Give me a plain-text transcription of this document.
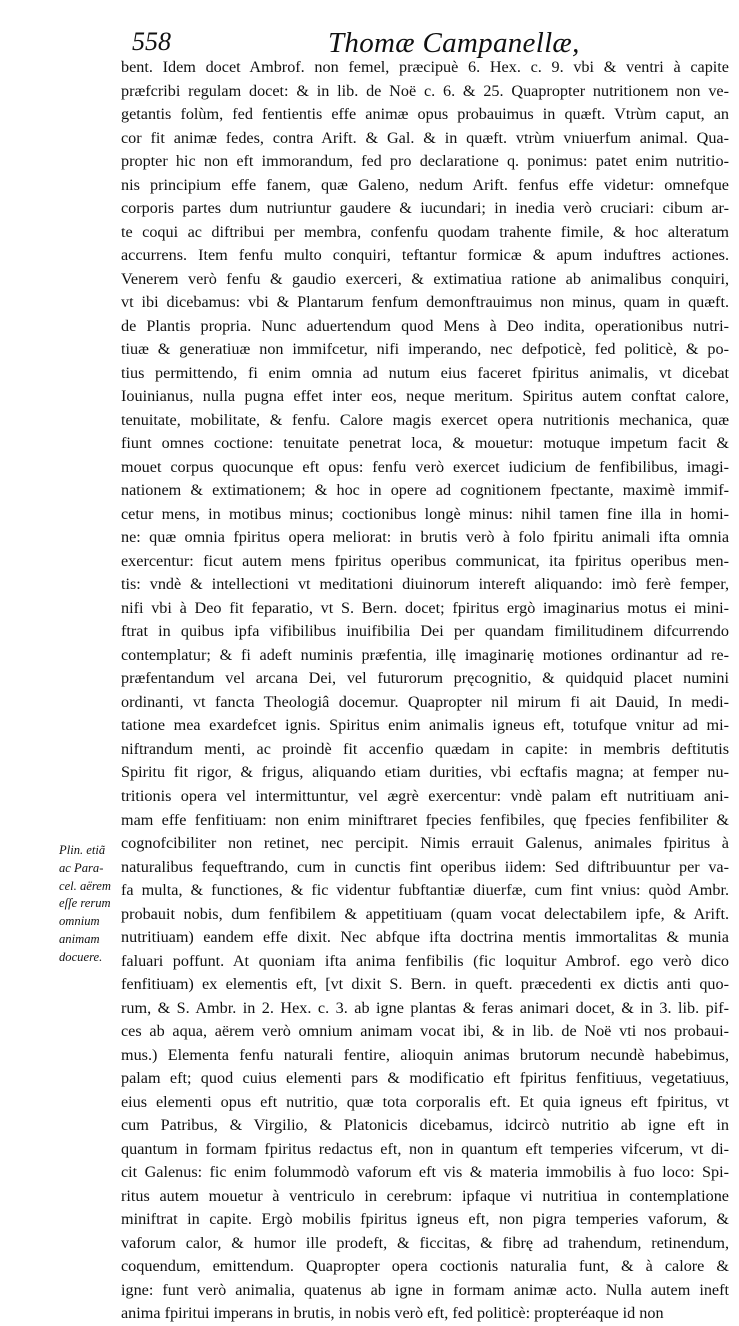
558	Thomæ Campanellæ,
bent. Idem docet Ambrof. non femel, præcipuè 6. Hex. c. 9. vbi & ventri à capite
præfcribi regulam docet: & in lib. de Noë c. 6. & 25. Quapropter nutritionem non ve-
getantis folùm, fed fentientis effe animæ opus probauimus in quæft. Vtrùm caput, an
cor fit animæ fedes, contra Arift. & Gal. & in quæft. vtrùm vniuerfum animal. Qua-
propter hic non eft immorandum, fed pro declaratione q. ponimus: patet enim nutritio-
nis principium effe fanem, quæ Galeno, nedum Arift. fenfus effe videtur: omnefque
corporis partes dum nutriuntur gaudere & iucundari; in inedia verò cruciari: cibum ar-
te coqui ac diftribui per membra, confenfu quodam trahente fimile, & hoc alteratum
accurrens. Item fenfu multo conquiri, teftantur formicæ & apum induftres actiones.
Venerem verò fenfu & gaudio exerceri, & extimatiua ratione ab animalibus conquiri,
vt ibi dicebamus: vbi & Plantarum fenfum demonftrauimus non minus, quam in quæft.
de Plantis propria. Nunc aduertendum quod Mens à Deo indita, operationibus nutri-
tiuæ & generatiuæ non immifcetur, nifi imperando, nec defpoticè, fed politicè, & po-
tius permittendo, fi enim omnia ad nutum eius faceret fpiritus animalis, vt dicebat
Iouinianus, nulla pugna effet inter eos, neque meritum. Spiritus autem conftat calore,
tenuitate, mobilitate, & fenfu. Calore magis exercet opera nutritionis mechanica, quæ
fiunt omnes coctione: tenuitate penetrat loca, & mouetur: motuque impetum facit &
mouet corpus quocunque eft opus: fenfu verò exercet iudicium de fenfibilibus, imagi-
nationem & extimationem; & hoc in opere ad cognitionem fpectante, maximè immif-
cetur mens, in motibus minus; coctionibus longè minus: nihil tamen fine illa in homi-
ne: quæ omnia fpiritus opera meliorat: in brutis verò à folo fpiritu animali ifta omnia
exercentur: ficut autem mens fpiritus operibus communicat, ita fpiritus operibus men-
tis: vndè & intellectioni vt meditationi diuinorum intereft aliquando: imò ferè femper,
nifi vbi à Deo fit feparatio, vt S. Bern. docet; fpiritus ergò imaginarius motus ei mini-
ftrat in quibus ipfa vifibilibus inuifibilia Dei per quandam fimilitudinem difcurrendo
contemplatur; & fi adeft numinis præfentia, illę imaginarię motiones ordinantur ad re-
præfentandum vel arcana Dei, vel futurorum pręcognitio, & quidquid placet numini
ordinanti, vt fancta Theologiâ docemur. Quapropter nil mirum fi ait Dauid, In medi-
tatione mea exardefcet ignis. Spiritus enim animalis igneus eft, totufque vnitur ad mi-
niftrandum menti, ac proindè fit accenfio quædam in capite: in membris deftitutis
Spiritu fit rigor, & frigus, aliquando etiam durities, vbi ecftafis magna; at femper nu-
tritionis opera vel intermittuntur, vel ægrè exercentur: vndè palam eft nutritiuam ani-
mam effe fenfitiuam: non enim miniftraret fpecies fenfibiles, quę fpecies fenfibiliter &
cognofcibiliter non retinet, nec percipit. Nimis errauit Galenus, animales fpiritus à
naturalibus fequeftrando, cum in cunctis fint operibus iidem: Sed diftribuuntur per va-
fa multa, & functiones, & fic videntur fubftantiæ diuerfæ, cum fint vnius: quòd Ambr.
probauit nobis, dum fenfibilem & appetitiuam (quam vocat delectabilem ipfe, & Arift.
nutritiuam) eandem effe dixit. Nec abfque ifta doctrina mentis immortalitas & munia
faluari poffunt. At quoniam ifta anima fenfibilis (fic loquitur Ambrof. ego verò dico
fenfitiuam) ex elementis eft, [vt dixit S. Bern. in queft. præcedenti ex dictis anti quo-
rum, & S. Ambr. in 2. Hex. c. 3. ab igne plantas & feras animari docet, & in 3. lib. pif-
ces ab aqua, aërem verò omnium animam vocat ibi, & in lib. de Noë vti nos probaui-
mus.) Elementa fenfu naturali fentire, alioquin animas brutorum necundè habebimus,
palam eft; quod cuius elementi pars & modificatio eft fpiritus fenfitiuus, vegetatiuus,
eius elementi opus eft nutritio, quæ tota corporalis eft. Et quia igneus eft fpiritus, vt
cum Patribus, & Virgilio, & Platonicis dicebamus, idcircò nutritio ab igne eft in
quantum in formam fpiritus redactus eft, non in quantum eft temperies vifcerum, vt di-
cit Galenus: fic enim folummodò vaforum eft vis & materia immobilis à fuo loco: Spi-
ritus autem mouetur à ventriculo in cerebrum: ipfaque vi nutritiua in contemplatione
miniftrat in capite. Ergò mobilis fpiritus igneus eft, non pigra temperies vaforum, &
vaforum calor, & humor ille prodeft, & ficcitas, & fibrę ad trahendum, retinendum,
coquendum, emittendum. Quapropter opera coctionis naturalia funt, & à calore &
igne: funt verò animalia, quatenus ab igne in formam animæ acto. Nulla autem ineft
anima fpiritui imperans in brutis, in nobis verò eft, fed politicè: propteréaque id non
Plin. etiã
ac Para-
cel. aërem
eſſe rerum
omnium
animam
docuere.
